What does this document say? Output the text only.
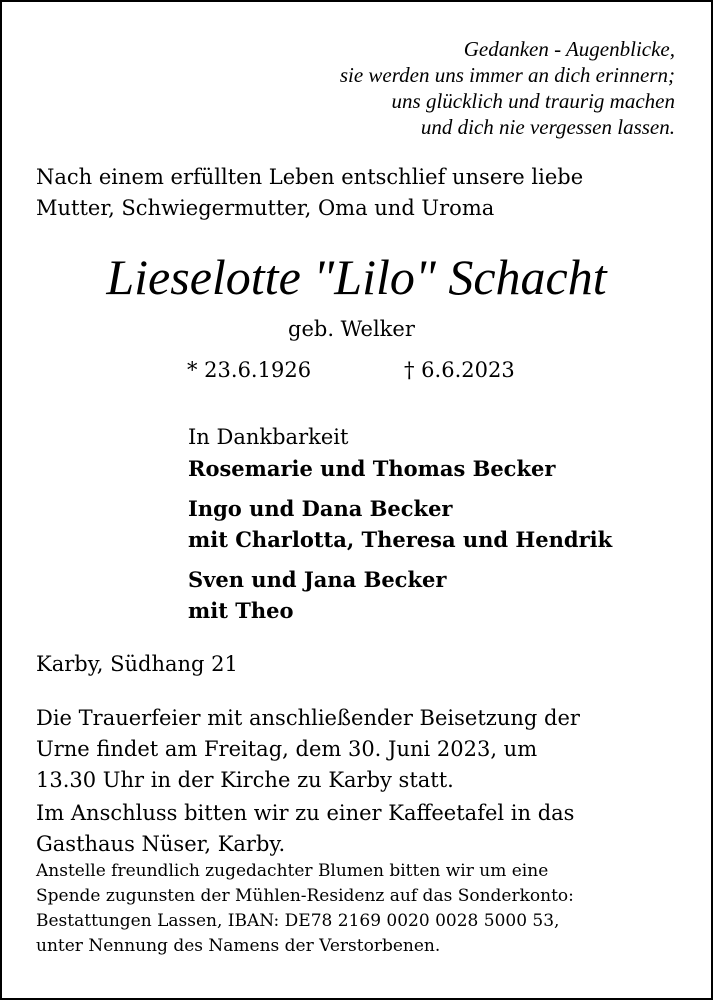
Gedanken - Augenblicke,
sie werden uns immer an dich erinnern;
uns glücklich und traurig machen
und dich nie vergessen lassen.
Nach einem erfüllten Leben entschlief unsere liebe
Mutter, Schwiegermutter, Oma und Uroma
Lieselotte "Lilo" Schacht
geb. Welker
* 23.6.1926	† 6.6.2023
In Dankbarkeit
Rosemarie und Thomas Becker
Ingo und Dana Becker
mit Charlotta, Theresa und Hendrik
Sven und Jana Becker
mit Theo
Karby, Südhang 21
Die Trauerfeier mit anschließender Beisetzung der
Urne findet am Freitag, dem 30. Juni 2023, um
13.30 Uhr in der Kirche zu Karby statt.
Im Anschluss bitten wir zu einer Kaffeetafel in das
Gasthaus Nüser, Karby.
Anstelle freundlich zugedachter Blumen bitten wir um eine
Spende zugunsten der Mühlen-Residenz auf das Sonderkonto:
Bestattungen Lassen, IBAN: DE78 2169 0020 0028 5000 53,
unter Nennung des Namens der Verstorbenen.
